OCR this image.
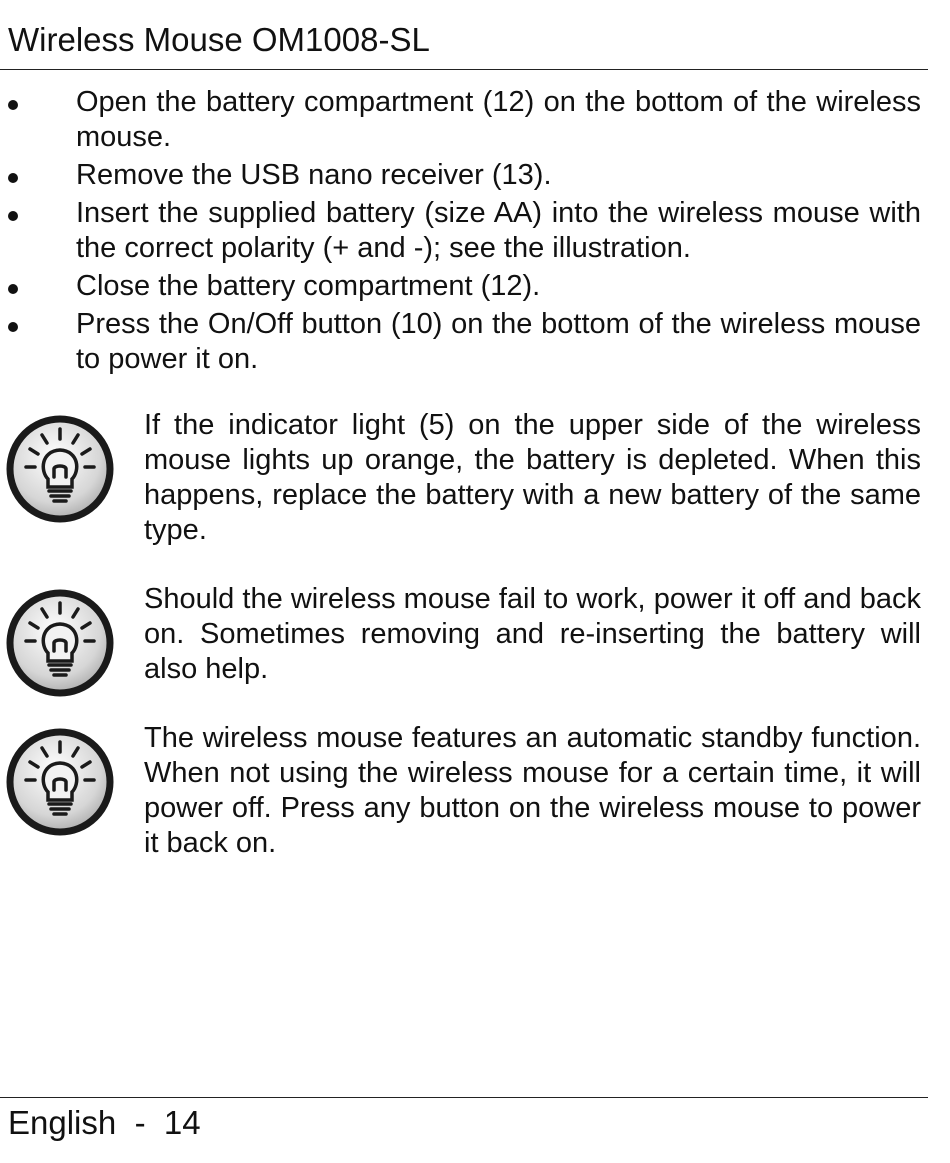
Wireless Mouse OM1008-SL
Open the battery compartment (12) on the bottom of the wireless mouse.
Remove the USB nano receiver (13).
Insert the supplied battery (size AA) into the wireless mouse with the correct polarity (+ and -); see the illustration.
Close the battery compartment (12).
Press the On/Off button (10) on the bottom of the wireless mouse to power it on.
If the indicator light (5) on the upper side of the wireless mouse lights up orange, the battery is depleted. When this happens, replace the battery with a new battery of the same type.
Should the wireless mouse fail to work, power it off and back on. Sometimes removing and re-inserting the battery will also help.
The wireless mouse features an automatic standby function. When not using the wireless mouse for a certain time, it will power off. Press any button on the wireless mouse to power it back on.
English  -  14
